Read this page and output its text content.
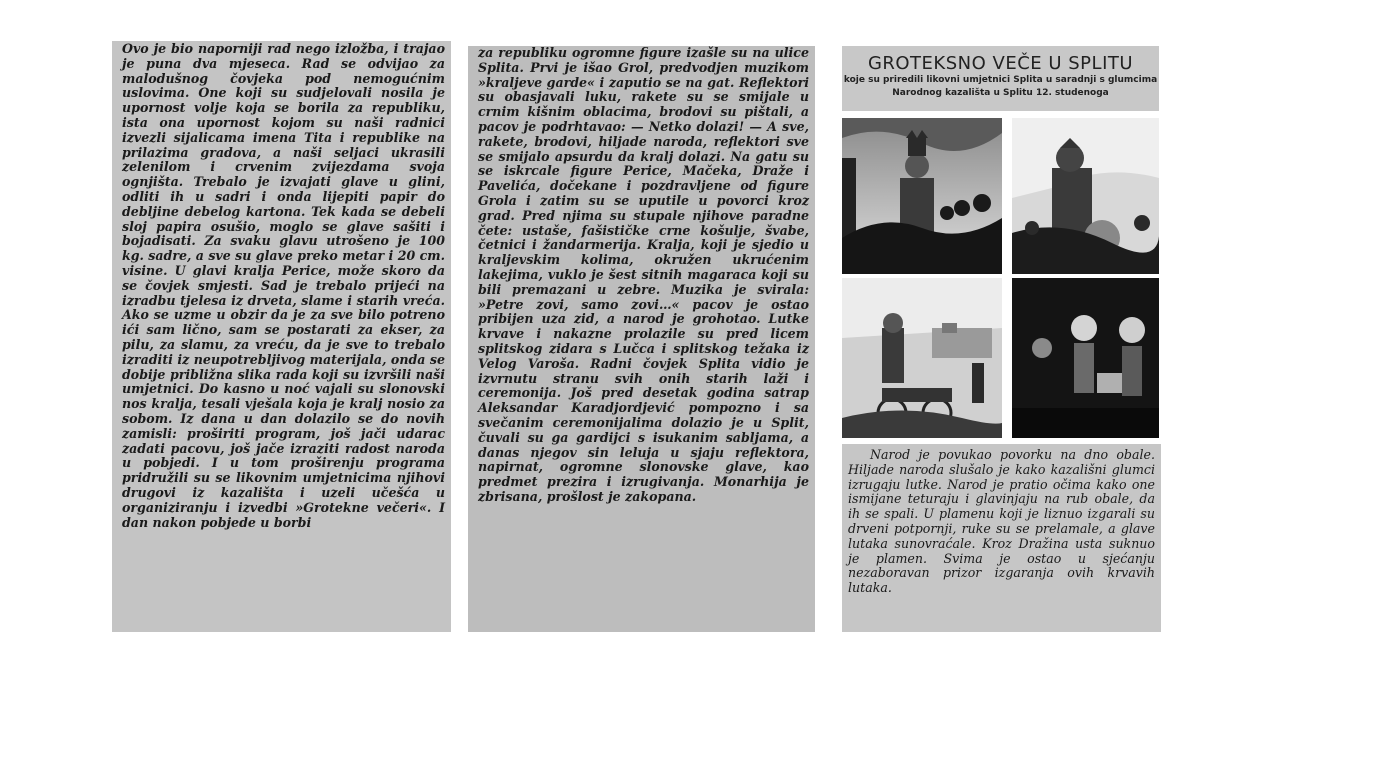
Ovo je bio naporniji rad nego izložba, i trajao je puna dva mjeseca. Rad se odvijao za malodušnog čovjeka pod nemogućnim uslovima. One koji su sudjelovali nosila je upornost volje koja se borila za republiku, ista ona upornost kojom su naši radnici izvezli sijalicama imena Tita i republike na prilazima gradova, a naši seljaci ukrasili zelenilom i crvenim zvijezdama svoja ognjišta. Trebalo je izvajati glave u glini, odliti ih u sadri i onda lijepiti papir do debljine debelog kartona. Tek kada se debeli sloj papira osušio, moglo se glave sašiti i bojadisati. Za svaku glavu utrošeno je 100 kg. sadre, a sve su glave preko metar i 20 cm. visine. U glavi kralja Perice, može skoro da se čovjek smjesti. Sad je trebalo prijeći na izradbu tjelesa iz drveta, slame i starih vreća. Ako se uzme u obzir da je za sve bilo potreno ići sam lično, sam se postarati za ekser, za pilu, za slamu, za vreću, da je sve to trebalo izraditi iz neupotrebljivog materijala, onda se dobije približna slika rada koji su izvršili naši umjetnici. Do kasno u noć vajali su slonovski nos kralja, tesali vješala koja je kralj nosio za sobom. Iz dana u dan dolazilo se do novih zamisli: proširiti program, još jači udarac zadati pacovu, još jače izraziti radost naroda u pobjedi. I u tom proširenju programa pridružili su se likovnim umjetnicima njihovi drugovi iz kazališta i uzeli učešća u organiziranju i izvedbi »Grotekne večeri«. I dan nakon pobjede u borbi

za republiku ogromne figure izašle su na ulice Splita. Prvi je išao Grol, predvodjen muzikom »kraljeve garde« i zaputio se na gat. Reflektori su obasjavali luku, rakete su se smijale u crnim kišnim oblacima, brodovi su pištali, a pacov je podrhtavao: — Netko dolazi! — A sve, rakete, brodovi, hiljade naroda, reflektori sve se smijalo apsurdu da kralj dolazi. Na gatu su se iskrcale figure Perice, Mačeka, Draže i Pavelića, dočekane i pozdravljene od figure Grola i zatim su se uputile u povorci kroz grad. Pred njima su stupale njihove paradne čete: ustaše, fašističke crne košulje, švabe, četnici i žandarmerija. Kralja, koji je sjedio u kraljevskim kolima, okružen ukrućenim lakejima, vuklo je šest sitnih magaraca koji su bili premazani u zebre. Muzika je svirala: »Petre zovi, samo zovi…« pacov je ostao pribijen uza zid, a narod je grohotao. Lutke krvave i nakazne prolazile su pred licem splitskog zidara s Lučca i splitskog težaka iz Velog Varoša. Radni čovjek Splita vidio je izvrnutu stranu svih onih starih laži i ceremonija. Još pred desetak godina satrap Aleksandar Karadjordjević pompozno i sa svečanim ceremonijalima dolazio je u Split, čuvali su ga gardijci s isukanim sabljama, a danas njegov sin leluja u sjaju reflektora, napirnat, ogromne slonovske glave, kao predmet prezira i izrugivanja. Monarhija je zbrisana, prošlost je zakopana.

GROTEKSNO VEČE U SPLITU
koje su priredili likovni umjetnici Splita u saradnji s glumcima
Narodnog kazališta u Splitu 12. studenoga

Narod je povukao povorku na dno obale. Hiljade naroda slušalo je kako kazališni glumci izrugaju lutke. Narod je pratio očima kako one ismijane teturaju i glavinjaju na rub obale, da ih se spali. U plamenu koji je liznuo izgarali su drveni potpornji, ruke su se prelamale, a glave lutaka sunovraćale. Kroz Dražina usta suknuo je plamen. Svima je ostao u sjećanju nezaboravan prizor izgaranja ovih krvavih lutaka.
